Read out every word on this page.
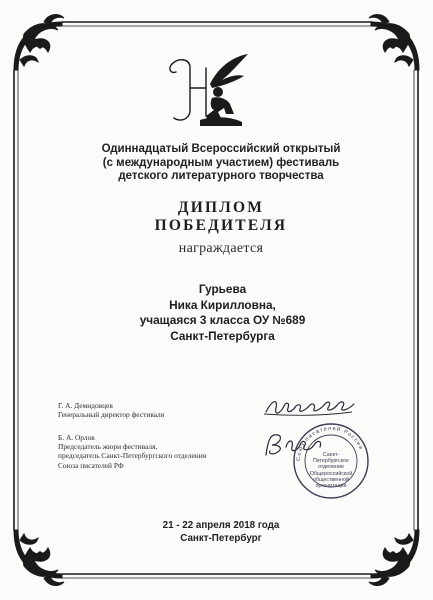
Одиннадцатый Всероссийский открытый
(с международным участием) фестиваль
детского литературного творчества
ДИПЛОМ
ПОБЕДИТЕЛЯ
награждается
Гурьева
Ника Кирилловна,
учащаяся 3 класса ОУ №689
Санкт-Петербурга
Г. А. Демидовцев
Генеральный директор фестиваля
Б. А. Орлов
Председатель жюри фестиваля,
председатель Санкт-Петербургского отделения
Союза писателей РФ
Союз писателей России
Санкт-
Петербургское
отделение
Общероссийской
общественной
организации
21 - 22 апреля 2018 года
Санкт-Петербург
